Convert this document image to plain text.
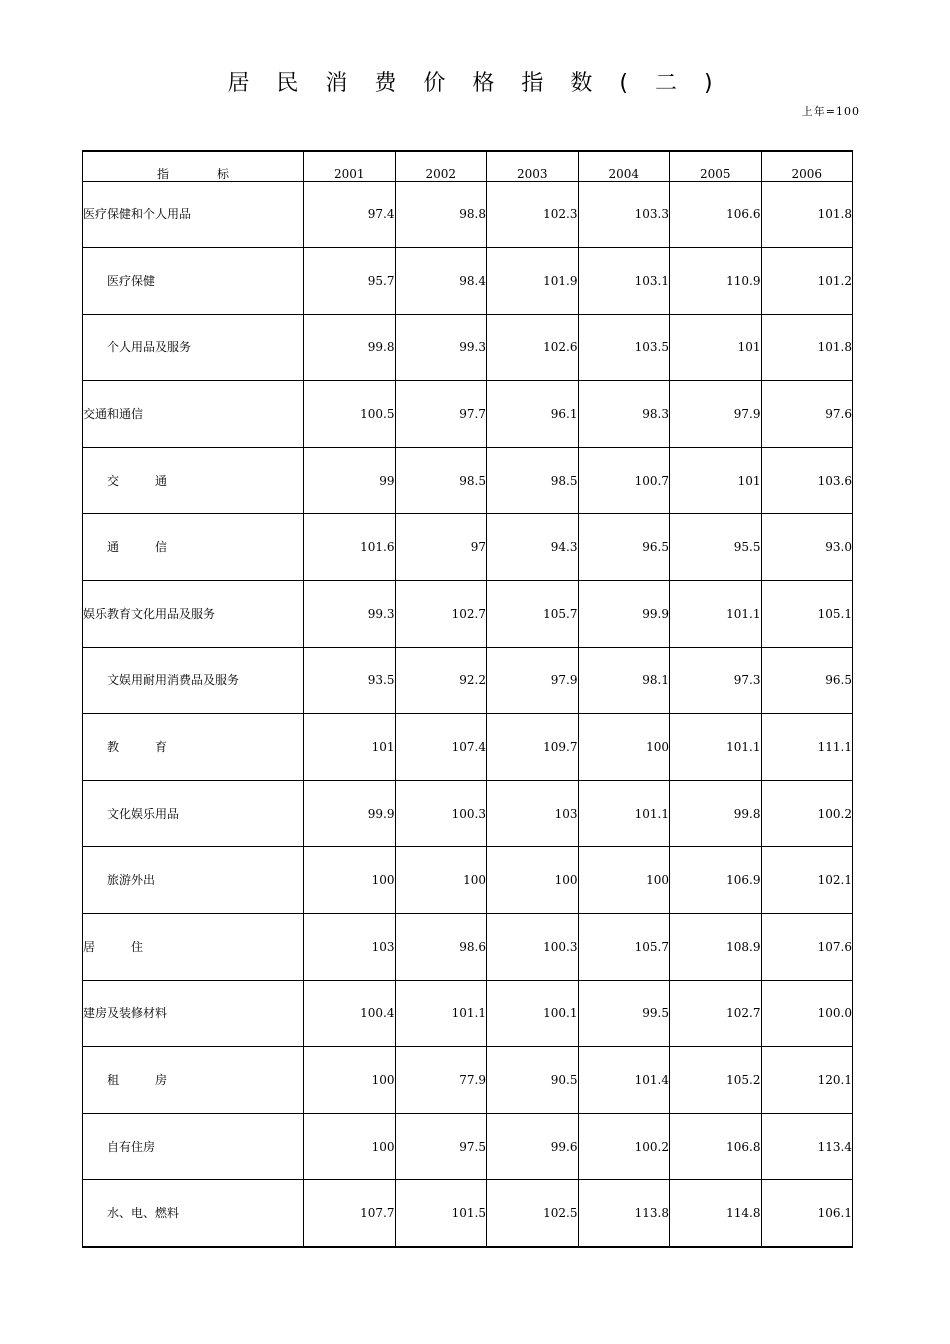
居 民 消 费 价 格 指 数 ( 二 )
上年=100
指　　　　标	2001	2002	2003	2004	2005	2006
医疗保健和个人用品	97.4	98.8	102.3	103.3	106.6	101.8
医疗保健	95.7	98.4	101.9	103.1	110.9	101.2
个人用品及服务	99.8	99.3	102.6	103.5	101	101.8
交通和通信	100.5	97.7	96.1	98.3	97.9	97.6
交　　　通	99	98.5	98.5	100.7	101	103.6
通　　　信	101.6	97	94.3	96.5	95.5	93.0
娱乐教育文化用品及服务	99.3	102.7	105.7	99.9	101.1	105.1
文娱用耐用消费品及服务	93.5	92.2	97.9	98.1	97.3	96.5
教　　　育	101	107.4	109.7	100	101.1	111.1
文化娱乐用品	99.9	100.3	103	101.1	99.8	100.2
旅游外出	100	100	100	100	106.9	102.1
居　　　住	103	98.6	100.3	105.7	108.9	107.6
建房及装修材料	100.4	101.1	100.1	99.5	102.7	100.0
租　　　房	100	77.9	90.5	101.4	105.2	120.1
自有住房	100	97.5	99.6	100.2	106.8	113.4
水、电、燃料	107.7	101.5	102.5	113.8	114.8	106.1
